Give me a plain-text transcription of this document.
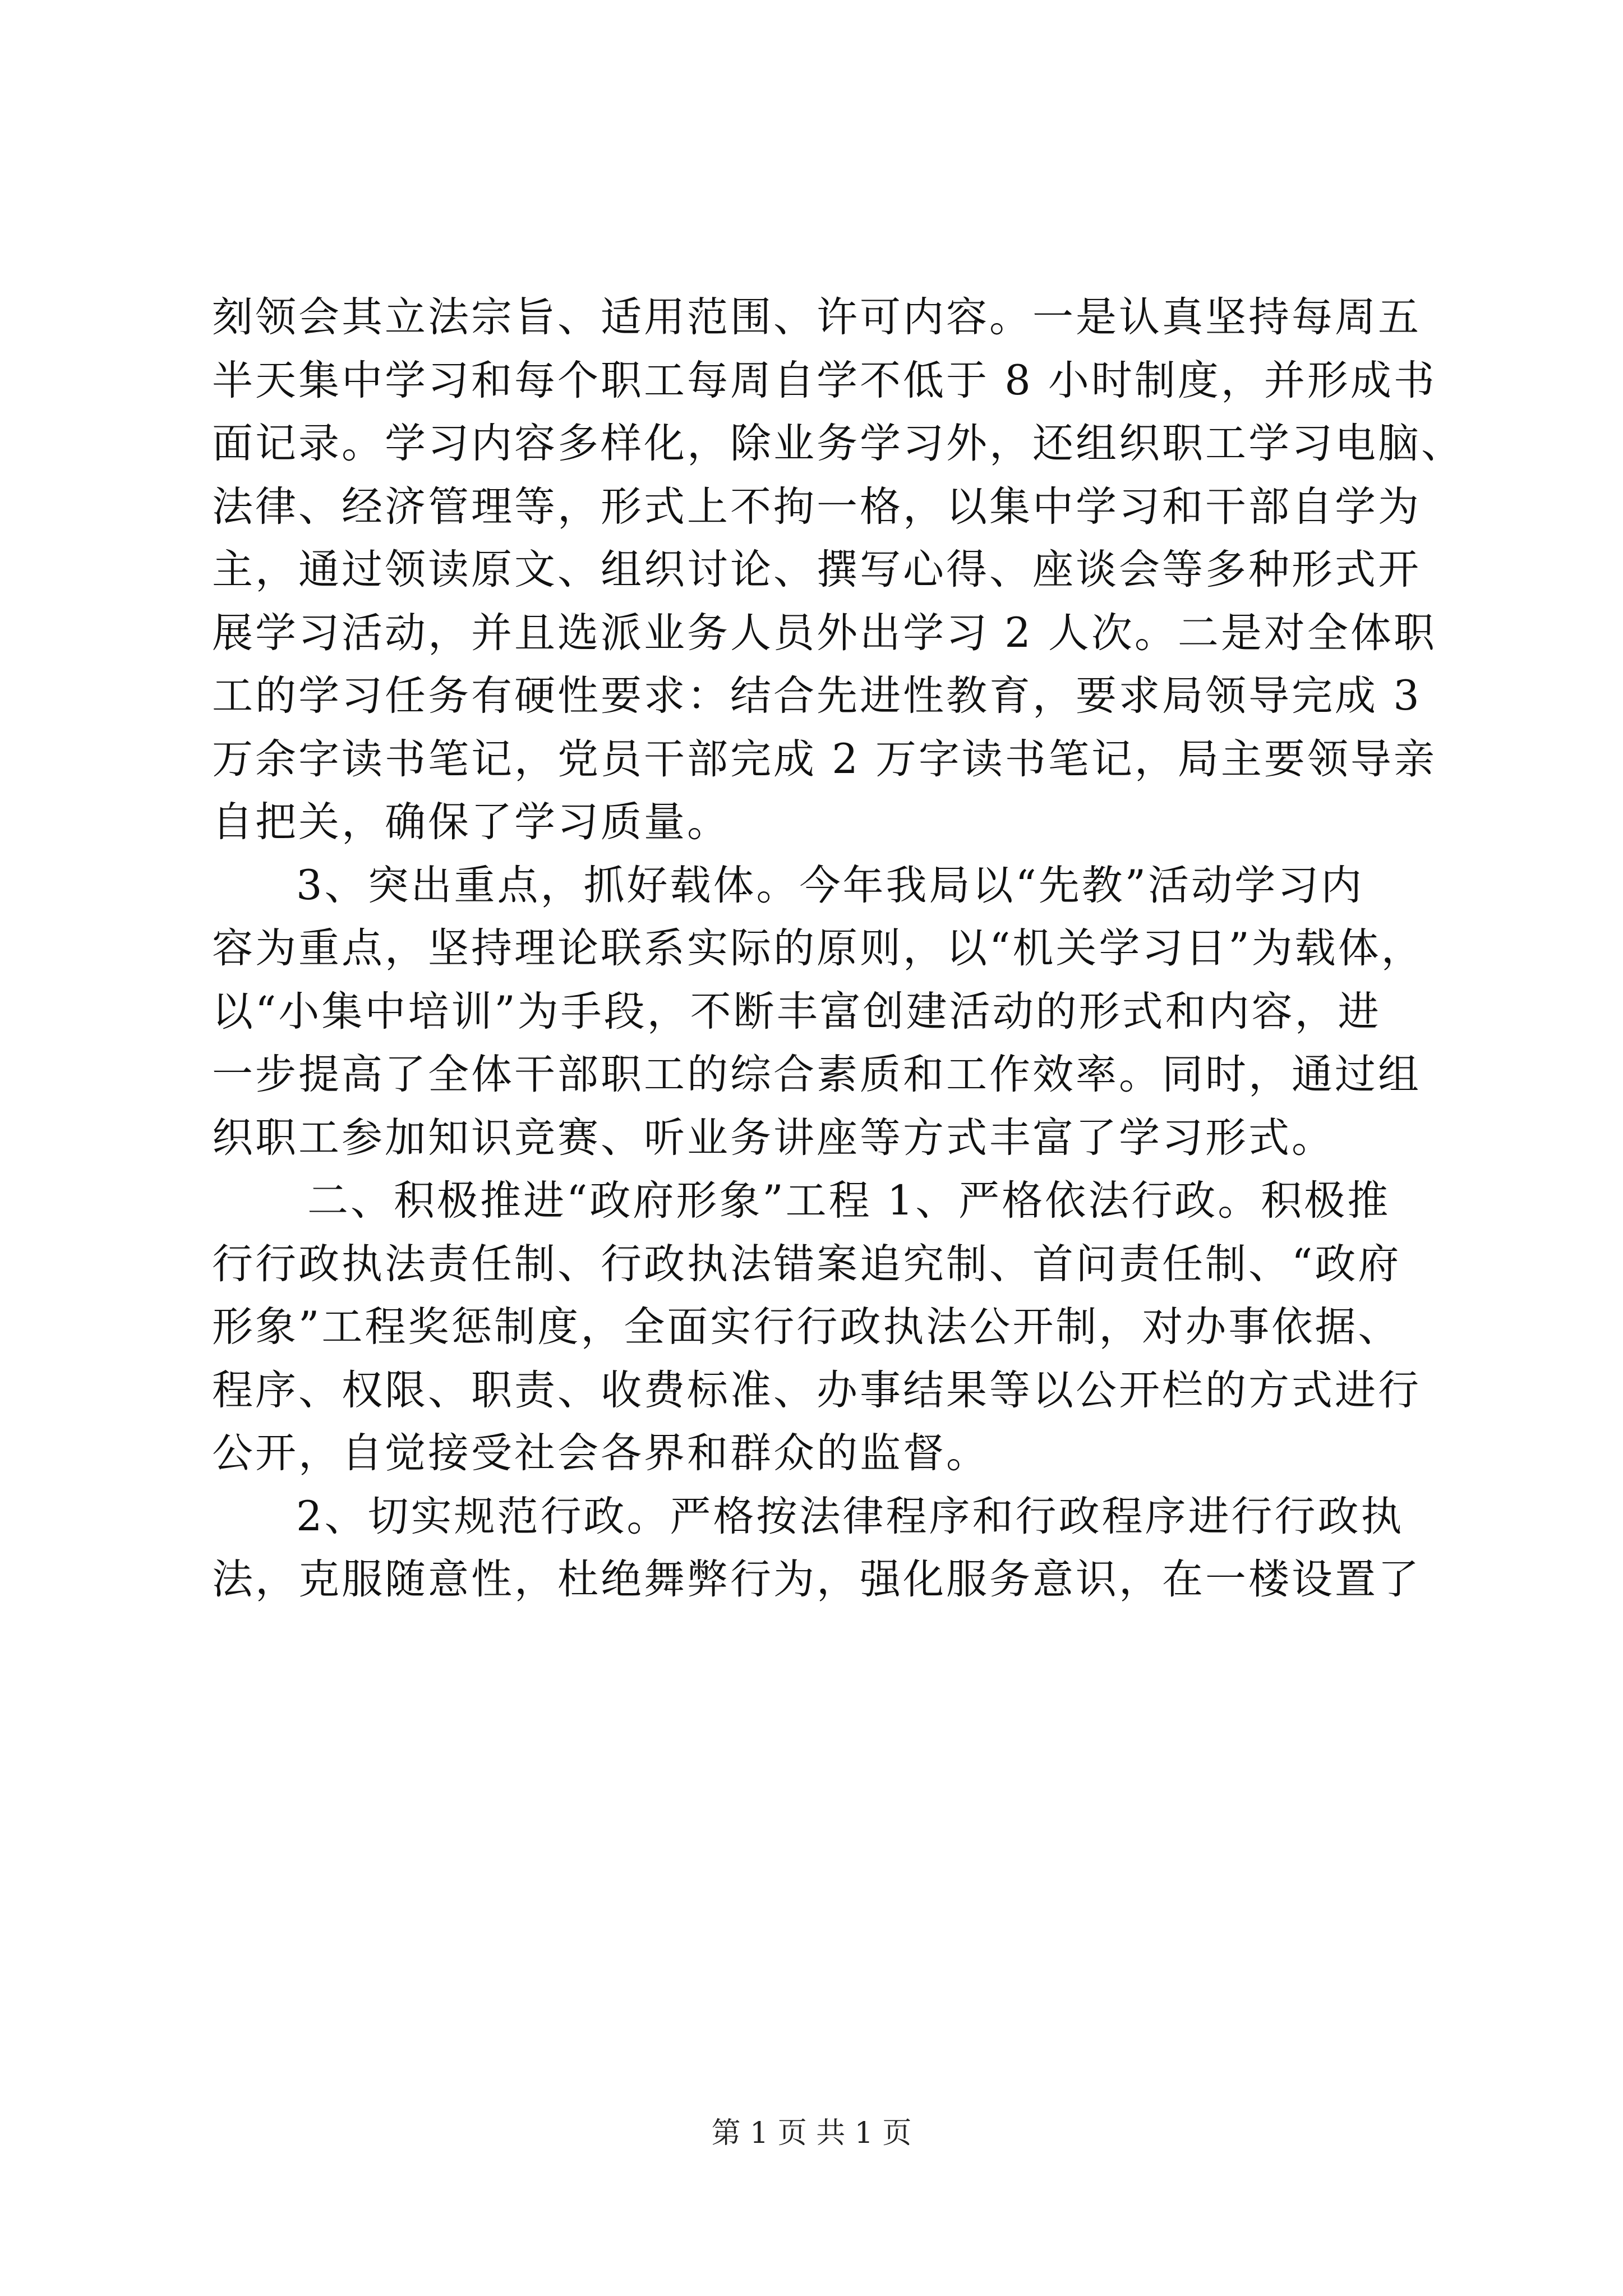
刻领会其立法宗旨、适用范围、许可内容。一是认真坚持每周五
半天集中学习和每个职工每周自学不低于 8 小时制度，并形成书
面记录。学习内容多样化，除业务学习外，还组织职工学习电脑、
法律、经济管理等，形式上不拘一格，以集中学习和干部自学为
主，通过领读原文、组织讨论、撰写心得、座谈会等多种形式开
展学习活动，并且选派业务人员外出学习 2 人次。二是对全体职
工的学习任务有硬性要求：结合先进性教育，要求局领导完成 3
万余字读书笔记，党员干部完成 2 万字读书笔记，局主要领导亲
自把关，确保了学习质量。
3、突出重点，抓好载体。今年我局以“先教”活动学习内
容为重点，坚持理论联系实际的原则，以“机关学习日”为载体，
以“小集中培训”为手段，不断丰富创建活动的形式和内容，进
一步提高了全体干部职工的综合素质和工作效率。同时，通过组
织职工参加知识竞赛、听业务讲座等方式丰富了学习形式。
二、积极推进“政府形象”工程 1、严格依法行政。积极推
行行政执法责任制、行政执法错案追究制、首问责任制、“政府
形象”工程奖惩制度，全面实行行政执法公开制，对办事依据、
程序、权限、职责、收费标准、办事结果等以公开栏的方式进行
公开，自觉接受社会各界和群众的监督。
2、切实规范行政。严格按法律程序和行政程序进行行政执
法，克服随意性，杜绝舞弊行为，强化服务意识，在一楼设置了
第 1 页 共 1 页
